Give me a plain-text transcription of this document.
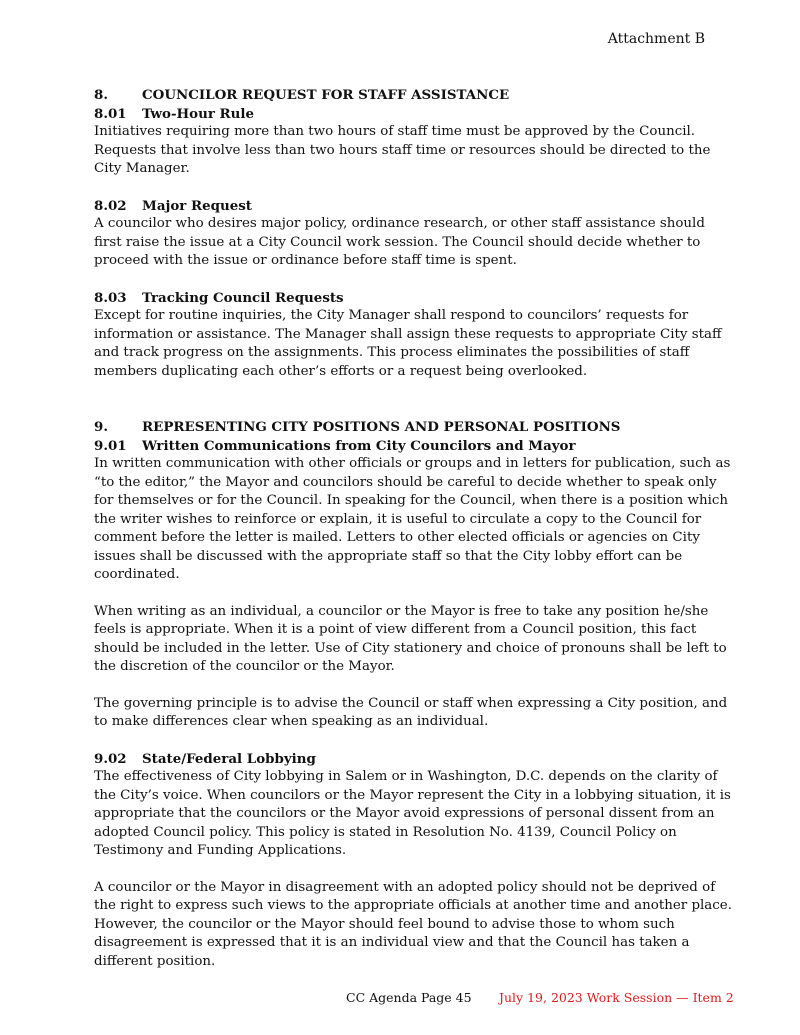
Attachment B
8.	COUNCILOR REQUEST FOR STAFF ASSISTANCE
8.01	Two-Hour Rule

Initiatives requiring more than two hours of staff time must be approved by the Council. Requests that involve less than two hours staff time or resources should be directed to the City Manager.

8.02	Major Request

A councilor who desires major policy, ordinance research, or other staff assistance should first raise the issue at a City Council work session. The Council should decide whether to proceed with the issue or ordinance before staff time is spent.

8.03	Tracking Council Requests

Except for routine inquiries, the City Manager shall respond to councilors’ requests for information or assistance. The Manager shall assign these requests to appropriate City staff and track progress on the assignments. This process eliminates the possibilities of staff members duplicating each other’s efforts or a request being overlooked.

9.	REPRESENTING CITY POSITIONS AND PERSONAL POSITIONS
9.01	Written Communications from City Councilors and Mayor

In written communication with other officials or groups and in letters for publication, such as “to the editor,” the Mayor and councilors should be careful to decide whether to speak only for themselves or for the Council. In speaking for the Council, when there is a position which the writer wishes to reinforce or explain, it is useful to circulate a copy to the Council for comment before the letter is mailed. Letters to other elected officials or agencies on City issues shall be discussed with the appropriate staff so that the City lobby effort can be coordinated.

When writing as an individual, a councilor or the Mayor is free to take any position he/she feels is appropriate. When it is a point of view different from a Council position, this fact should be included in the letter. Use of City stationery and choice of pronouns shall be left to the discretion of the councilor or the Mayor.

The governing principle is to advise the Council or staff when expressing a City position, and to make differences clear when speaking as an individual.

9.02	State/Federal Lobbying

The effectiveness of City lobbying in Salem or in Washington, D.C. depends on the clarity of the City’s voice. When councilors or the Mayor represent the City in a lobbying situation, it is appropriate that the councilors or the Mayor avoid expressions of personal dissent from an adopted Council policy. This policy is stated in Resolution No. 4139, Council Policy on Testimony and Funding Applications.

A councilor or the Mayor in disagreement with an adopted policy should not be deprived of the right to express such views to the appropriate officials at another time and another place. However, the councilor or the Mayor should feel bound to advise those to whom such disagreement is expressed that it is an individual view and that the Council has taken a different position.

CC Agenda Page 45 July 19, 2023 Work Session — Item 2
